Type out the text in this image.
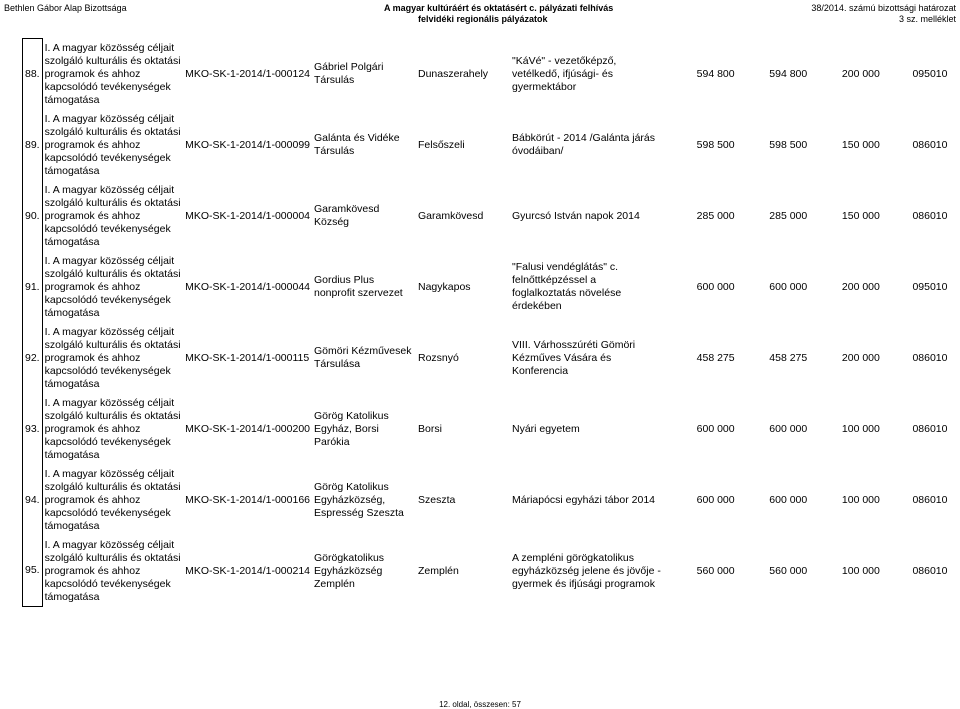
Bethlen Gábor Alap Bizottsága	A magyar kultúráért és oktatásért c. pályázati felhívás
felvidéki regionális pályázatok
38/2014. számú bizottsági határozat
3 sz. melléklet
88.	I. A magyar közösség céljait
szolgáló kulturális és oktatási
programok és ahhoz
kapcsolódó tevékenységek
támogatása	MKO-SK-1-2014/1-000124	Gábriel Polgári Társulás	Dunaszerahely	"KáVé" - vezetőképző, vetélkedő, ifjúsági- és gyermektábor	594 800	594 800	200 000	095010
89.	I. A magyar közösség céljait
szolgáló kulturális és oktatási
programok és ahhoz
kapcsolódó tevékenységek
támogatása	MKO-SK-1-2014/1-000099	Galánta és Vidéke Társulás	Felsőszeli	Bábkörút - 2014 /Galánta járás óvodáiban/	598 500	598 500	150 000	086010
90.	I. A magyar közösség céljait
szolgáló kulturális és oktatási
programok és ahhoz
kapcsolódó tevékenységek
támogatása	MKO-SK-1-2014/1-000004	Garamkövesd Község	Garamkövesd	Gyurcsó István napok 2014	285 000	285 000	150 000	086010
91.	I. A magyar közösség céljait
szolgáló kulturális és oktatási
programok és ahhoz
kapcsolódó tevékenységek
támogatása	MKO-SK-1-2014/1-000044	Gordius Plus nonprofit szervezet	Nagykapos	"Falusi vendéglátás" c. felnőttképzéssel a foglalkoztatás növelése érdekében	600 000	600 000	200 000	095010
92.	I. A magyar közösség céljait
szolgáló kulturális és oktatási
programok és ahhoz
kapcsolódó tevékenységek
támogatása	MKO-SK-1-2014/1-000115	Gömöri Kézművesek Társulása	Rozsnyó	VIII. Várhosszúréti Gömöri Kézműves Vására és Konferencia	458 275	458 275	200 000	086010
93.	I. A magyar közösség céljait
szolgáló kulturális és oktatási
programok és ahhoz
kapcsolódó tevékenységek
támogatása	MKO-SK-1-2014/1-000200	Görög Katolikus Egyház, Borsi Parókia	Borsi	Nyári egyetem	600 000	600 000	100 000	086010
94.	I. A magyar közösség céljait
szolgáló kulturális és oktatási
programok és ahhoz
kapcsolódó tevékenységek
támogatása	MKO-SK-1-2014/1-000166	Görög Katolikus Egyházközség, Espresség Szeszta	Szeszta	Máriapócsi egyházi tábor 2014	600 000	600 000	100 000	086010
95.	I. A magyar közösség céljait
szolgáló kulturális és oktatási
programok és ahhoz
kapcsolódó tevékenységek
támogatása	MKO-SK-1-2014/1-000214	Görögkatolikus Egyházközség Zemplén	Zemplén	A zempléni görögkatolikus egyházközség jelene és jövője - gyermek és ifjúsági programok	560 000	560 000	100 000	086010
12. oldal, összesen: 57
